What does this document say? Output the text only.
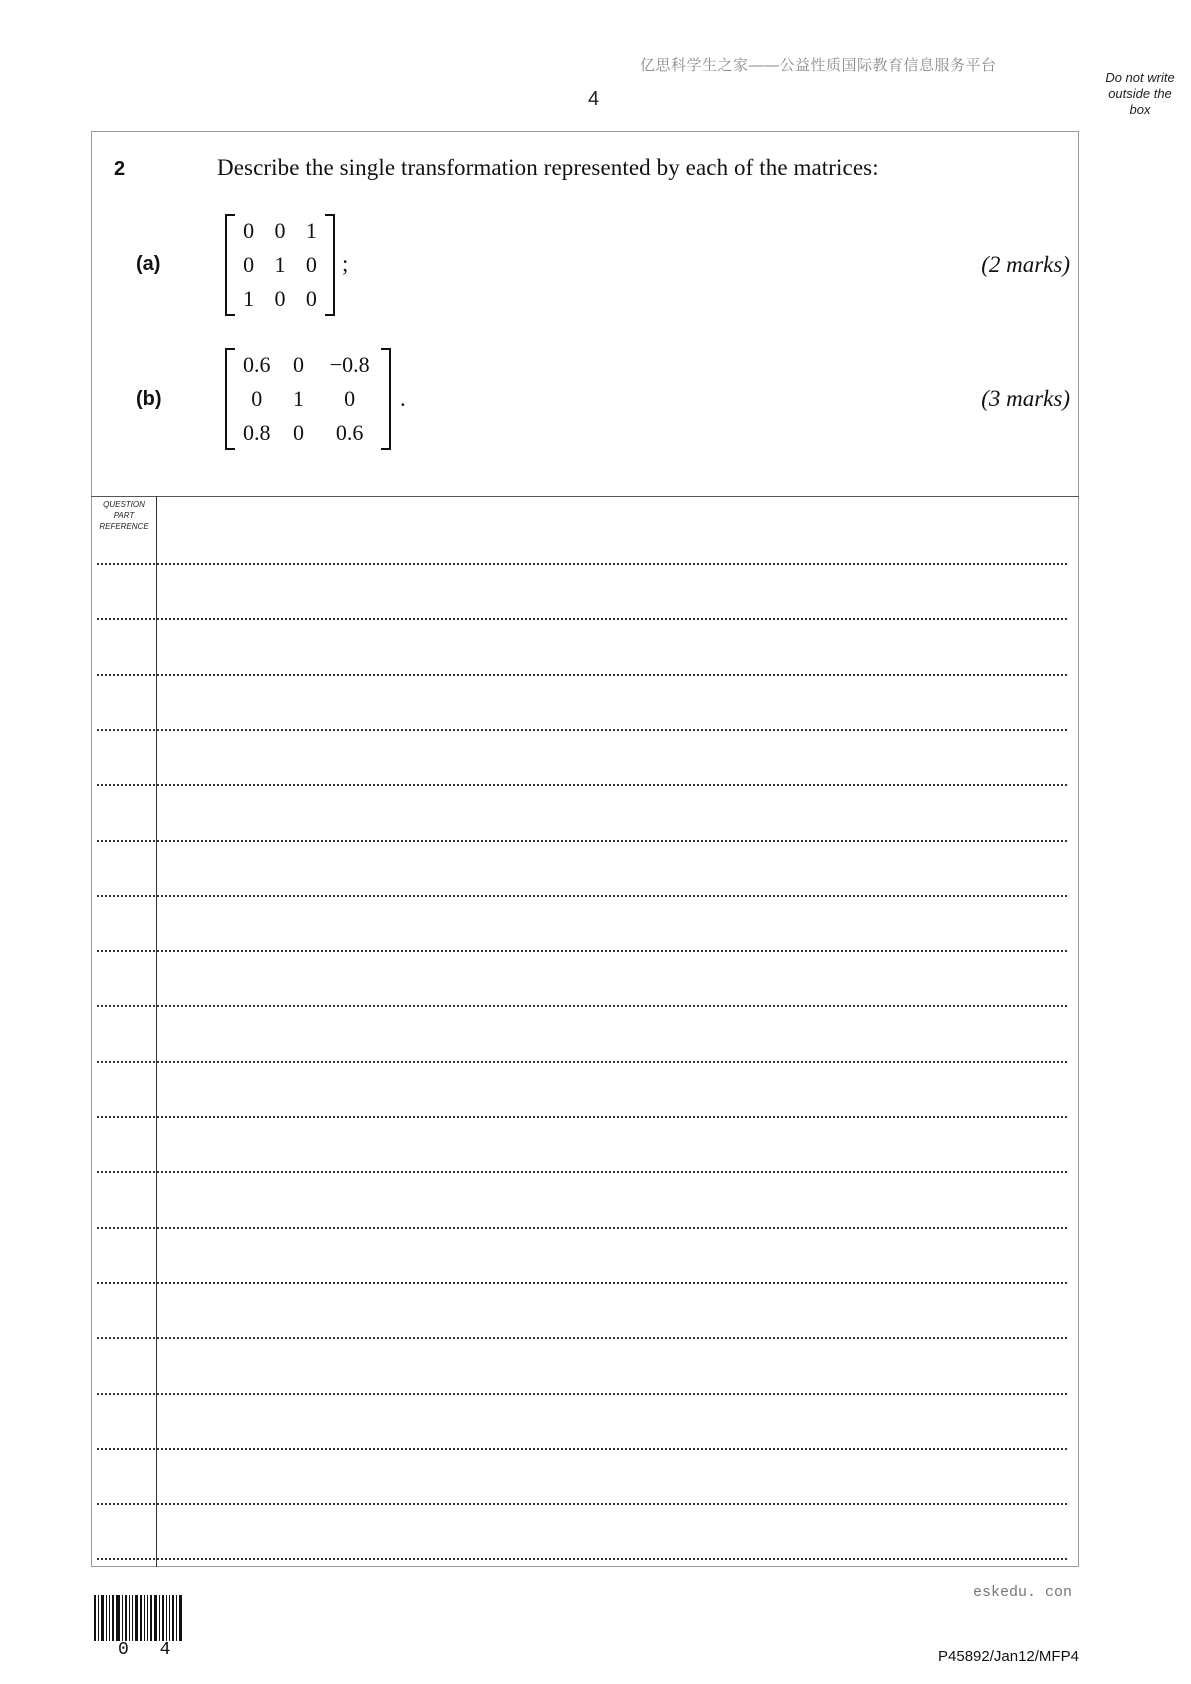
亿思科学生之家——公益性质国际教育信息服务平台
4
Do not write
outside the
box
2	Describe the single transformation represented by each of the matrices:
(a)
0 0 1
0 1 0
1 0 0
;	(2 marks)
(b)
0.6	0	−0.8
0	1	0
0.8	0	0.6
.	(3 marks)
QUESTION
PART
REFERENCE
0 4
eskedu. con
P45892/Jan12/MFP4
